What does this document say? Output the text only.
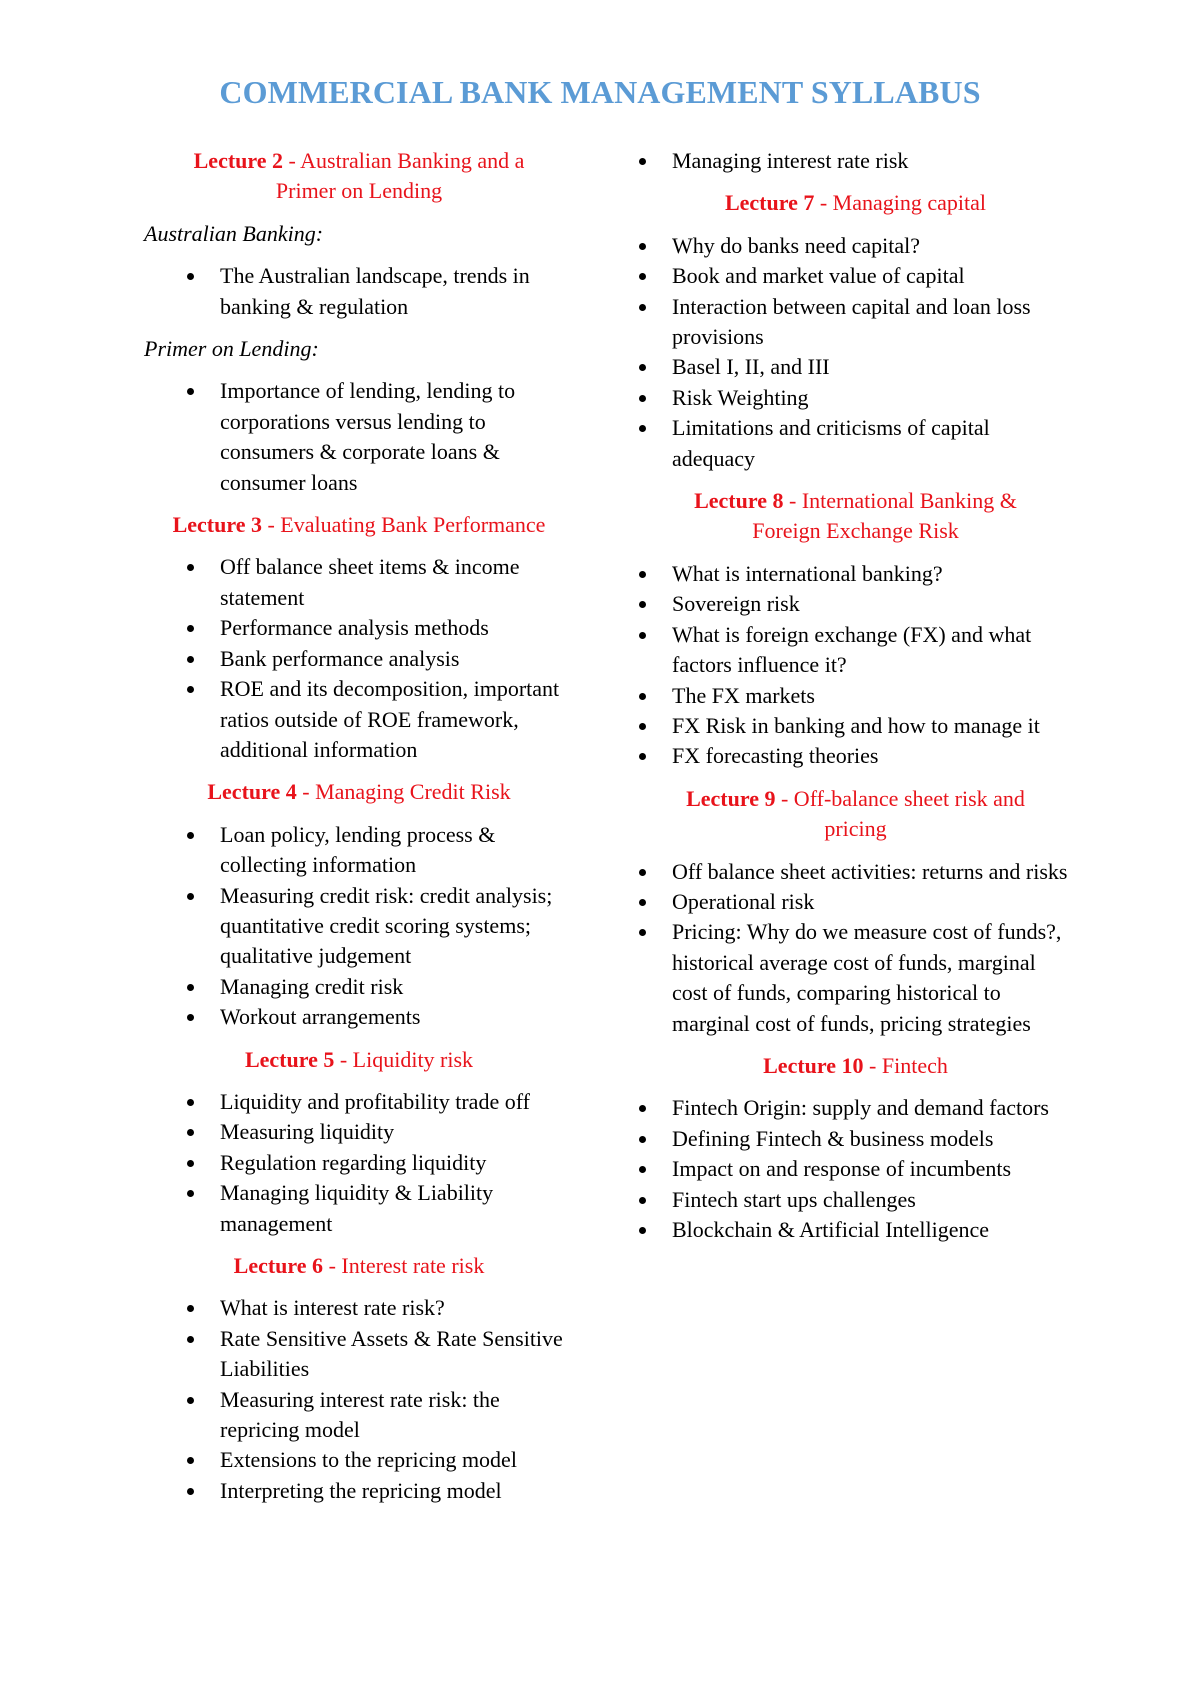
COMMERCIAL BANK MANAGEMENT SYLLABUS
Lecture 2 - Australian Banking and a
Primer on Lending
Australian Banking:
The Australian landscape, trends in banking & regulation
Primer on Lending:
Importance of lending, lending to corporations versus lending to consumers & corporate loans & consumer loans
Lecture 3 - Evaluating Bank Performance
Off balance sheet items & income statement
Performance analysis methods
Bank performance analysis
ROE and its decomposition, important ratios outside of ROE framework, additional information
Lecture 4 - Managing Credit Risk
Loan policy, lending process & collecting information
Measuring credit risk: credit analysis; quantitative credit scoring systems; qualitative judgement
Managing credit risk
Workout arrangements
Lecture 5 - Liquidity risk
Liquidity and profitability trade off
Measuring liquidity
Regulation regarding liquidity
Managing liquidity & Liability management
Lecture 6 - Interest rate risk
What is interest rate risk?
Rate Sensitive Assets & Rate Sensitive Liabilities
Measuring interest rate risk: the repricing model
Extensions to the repricing model
Interpreting the repricing model
Managing interest rate risk
Lecture 7 - Managing capital
Why do banks need capital?
Book and market value of capital
Interaction between capital and loan loss provisions
Basel I, II, and III
Risk Weighting
Limitations and criticisms of capital adequacy
Lecture 8 - International Banking &
Foreign Exchange Risk
What is international banking?
Sovereign risk
What is foreign exchange (FX) and what factors influence it?
The FX markets
FX Risk in banking and how to manage it
FX forecasting theories
Lecture 9 - Off-balance sheet risk and
pricing
Off balance sheet activities: returns and risks
Operational risk
Pricing: Why do we measure cost of funds?, historical average cost of funds, marginal cost of funds, comparing historical to marginal cost of funds, pricing strategies
Lecture 10 - Fintech
Fintech Origin: supply and demand factors
Defining Fintech & business models
Impact on and response of incumbents
Fintech start ups challenges
Blockchain & Artificial Intelligence
